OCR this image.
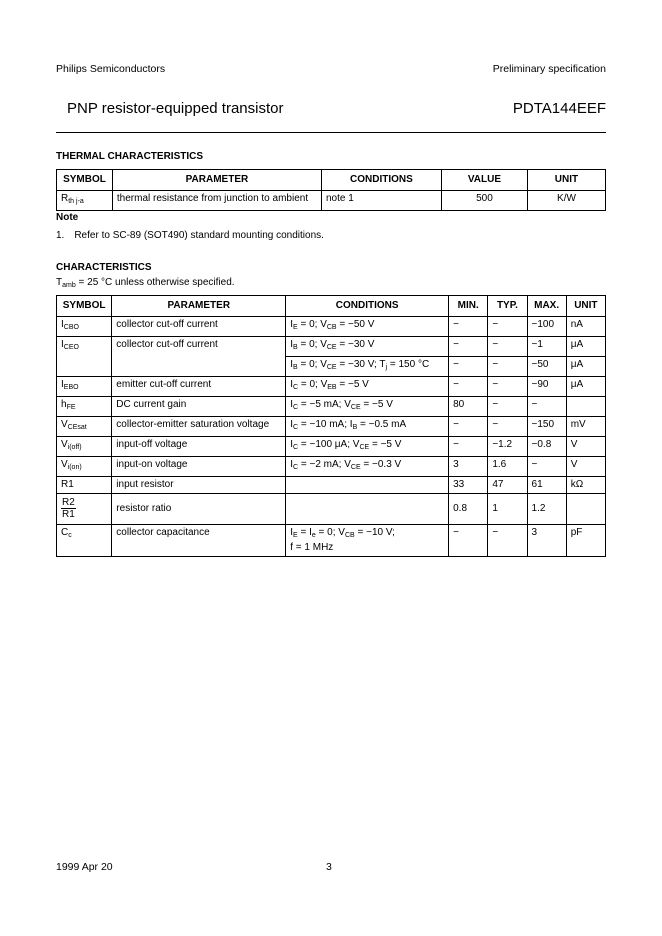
Philips Semiconductors	Preliminary specification
PNP resistor-equipped transistor	PDTA144EEF
THERMAL CHARACTERISTICS
SYMBOL	PARAMETER	CONDITIONS	VALUE	UNIT
$R_{th j-a}$	thermal resistance from junction to ambient	note 1	500	K/W
Note
1. Refer to SC-89 (SOT490) standard mounting conditions.
CHARACTERISTICS
$T_{amb} = 25$ °C unless otherwise specified.
SYMBOL	PARAMETER	CONDITIONS	MIN.	TYP.	MAX.	UNIT
$I_{CBO}$	collector cut-off current	$I_E = 0$; $V_{CB} = -50$ V	−	−	−100	nA
$I_{CEO}$	collector cut-off current	$I_B = 0$; $V_{CE} = -30$ V	−	−	−1	μA
		$I_B = 0$; $V_{CE} = -30$ V; $T_j = 150$ °C	−	−	−50	μA
$I_{EBO}$	emitter cut-off current	$I_C = 0$; $V_{EB} = -5$ V	−	−	−90	μA
$h_{FE}$	DC current gain	$I_C = -5$ mA; $V_{CE} = -5$ V	80	−	−	
$V_{CEsat}$	collector-emitter saturation voltage	$I_C = -10$ mA; $I_B = -0.5$ mA	−	−	−150	mV
$V_{i(off)}$	input-off voltage	$I_C = -100$ μA; $V_{CE} = -5$ V	−	−1.2	−0.8	V
$V_{i(on)}$	input-on voltage	$I_C = -2$ mA; $V_{CE} = -0.3$ V	3	1.6	−	V
R1	input resistor		33	47	61	kΩ

$\frac{R2}{R1}$	resistor ratio		0.8	1	1.2	
$C_c$	collector capacitance	$I_E = I_e = 0$; $V_{CB} = -10$ V;
f = 1 MHz	−	−	3	pF
1999 Apr 20	3
